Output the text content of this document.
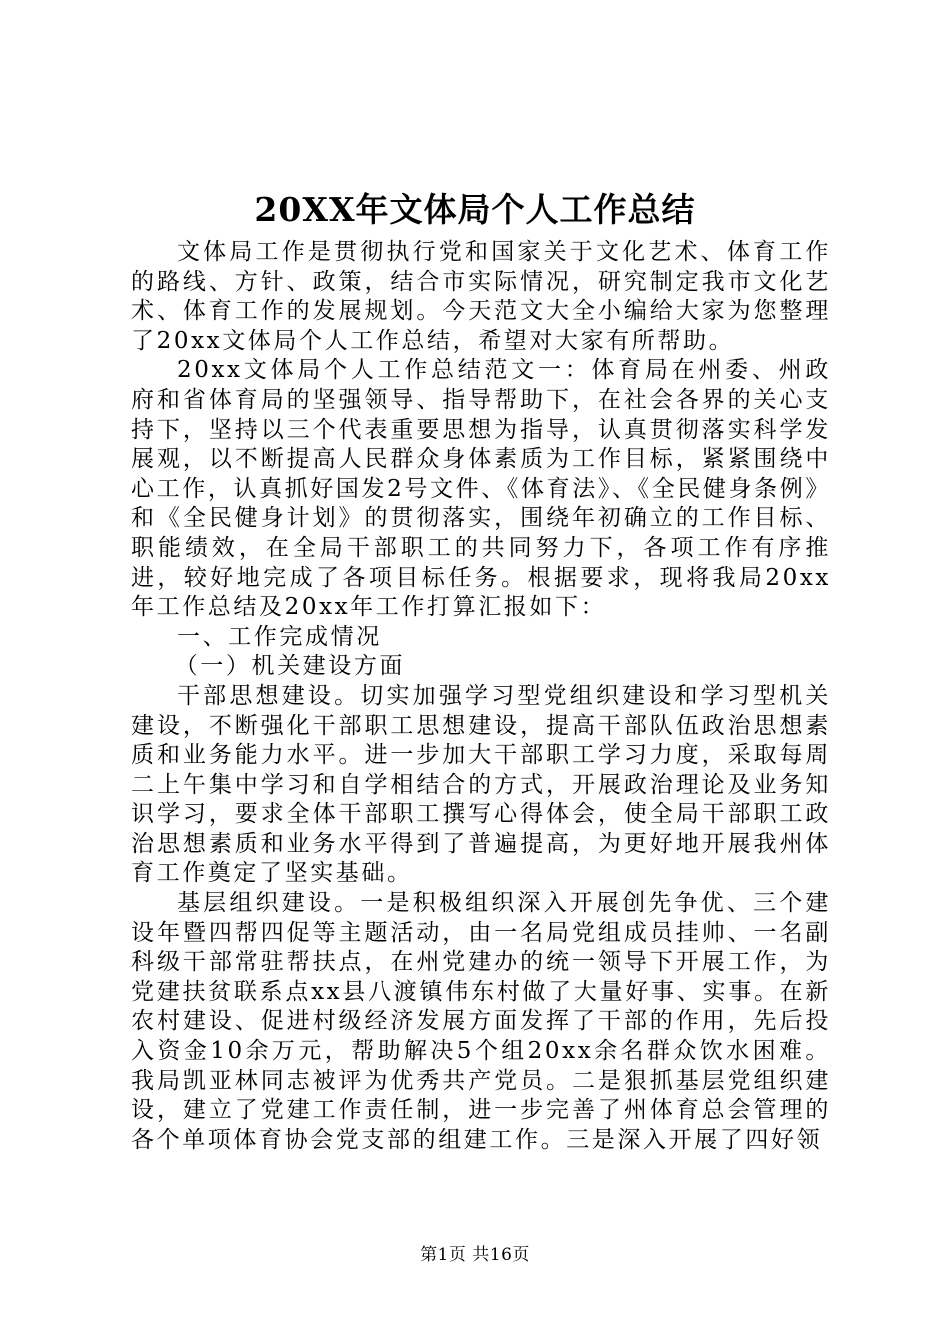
20XX年文体局个人工作总结

文体局工作是贯彻执行党和国家关于文化艺术、体育工作的路线、方针、政策，结合市实际情况，研究制定我市文化艺术、体育工作的发展规划。今天范文大全小编给大家为您整理了20xx文体局个人工作总结，希望对大家有所帮助。

20xx文体局个人工作总结范文一：体育局在州委、州政府和省体育局的坚强领导、指导帮助下，在社会各界的关心支持下，坚持以三个代表重要思想为指导，认真贯彻落实科学发展观，以不断提高人民群众身体素质为工作目标，紧紧围绕中心工作，认真抓好国发2号文件、《体育法》、《全民健身条例》和《全民健身计划》的贯彻落实，围绕年初确立的工作目标、职能绩效，在全局干部职工的共同努力下，各项工作有序推进，较好地完成了各项目标任务。根据要求，现将我局20xx年工作总结及20xx年工作打算汇报如下：

一、工作完成情况

（一）机关建设方面

干部思想建设。切实加强学习型党组织建设和学习型机关建设，不断强化干部职工思想建设，提高干部队伍政治思想素质和业务能力水平。进一步加大干部职工学习力度，采取每周二上午集中学习和自学相结合的方式，开展政治理论及业务知识学习，要求全体干部职工撰写心得体会，使全局干部职工政治思想素质和业务水平得到了普遍提高，为更好地开展我州体育工作奠定了坚实基础。

基层组织建设。一是积极组织深入开展创先争优、三个建设年暨四帮四促等主题活动，由一名局党组成员挂帅、一名副科级干部常驻帮扶点，在州党建办的统一领导下开展工作，为党建扶贫联系点xx县八渡镇伟东村做了大量好事、实事。在新农村建设、促进村级经济发展方面发挥了干部的作用，先后投入资金10余万元，帮助解决5个组20xx余名群众饮水困难。我局凯亚林同志被评为优秀共产党员。二是狠抓基层党组织建设，建立了党建工作责任制，进一步完善了州体育总会管理的各个单项体育协会党支部的组建工作。三是深入开展了四好领

第1页 共16页
